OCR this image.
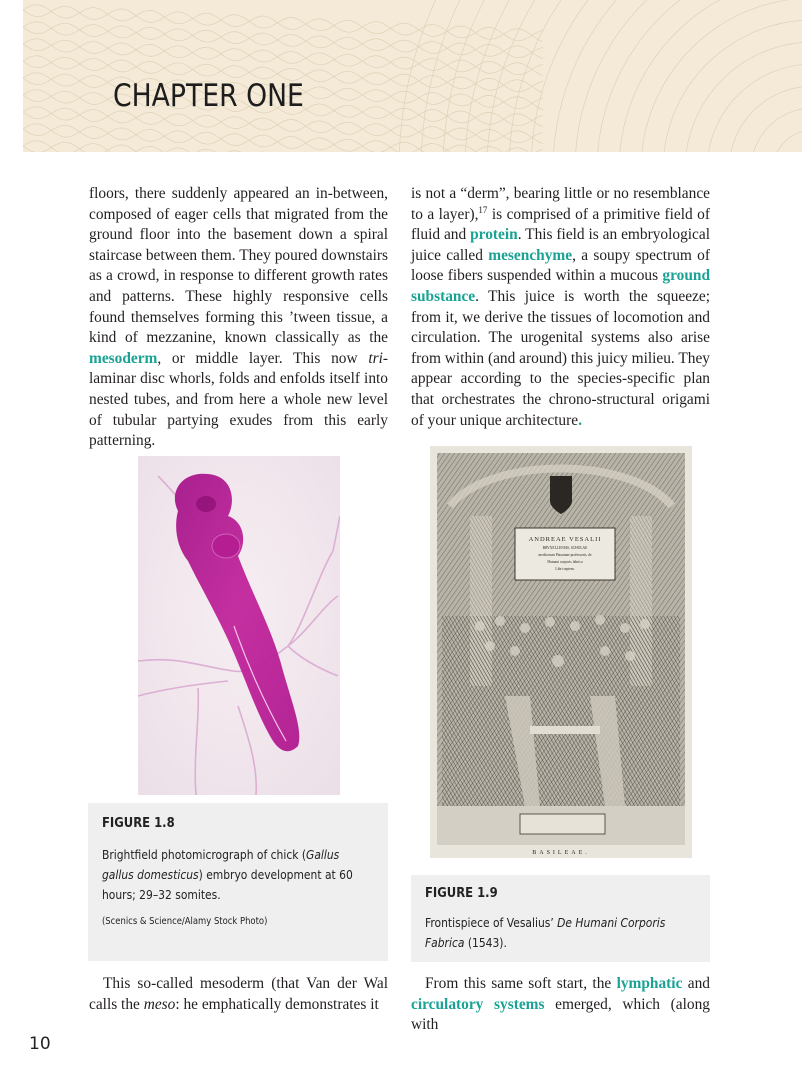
CHAPTER ONE

floors, there suddenly appeared an in-between, composed of eager cells that migrated from the ground floor into the basement down a spiral staircase between them. They poured downstairs as a crowd, in response to different growth rates and patterns. These highly responsive cells found themselves forming this ’tween tissue, a kind of mezzanine, known classically as the mesoderm, or middle layer. This now tri-laminar disc whorls, folds and enfolds itself into nested tubes, and from here a whole new level of tubular partying exudes from this early patterning.

is not a “derm”, bearing little or no resemblance to a layer),$^{17}$ is comprised of a primitive field of fluid and protein. This field is an embryological juice called mesenchyme, a soupy spectrum of loose fibers suspended within a mucous ground substance. This juice is worth the squeeze; from it, we derive the tissues of locomotion and circulation. The urogenital systems also arise from within (and around) this juicy milieu. They appear according to the species-specific plan that orchestrates the chrono-structural origami of your unique architecture.

ANDREAE VESALII
BRVXELLENSIS, SCHOLAE
medicorum Patauinae professoris, de
Humani corporis fabrica
Libri septem.
BASILEAE.
FIGURE 1.8
Brightfield photomicrograph of chick (Gallus gallus domesticus) embryo development at 60 hours; 29–32 somites.
(Scenics & Science/Alamy Stock Photo)
FIGURE 1.9
Frontispiece of Vesalius’ De Humani Corporis Fabrica (1543).

This so-called mesoderm (that Van der Wal calls the meso: he emphatically demonstrates it

From this same soft start, the lymphatic and circulatory systems emerged, which (along with

10
